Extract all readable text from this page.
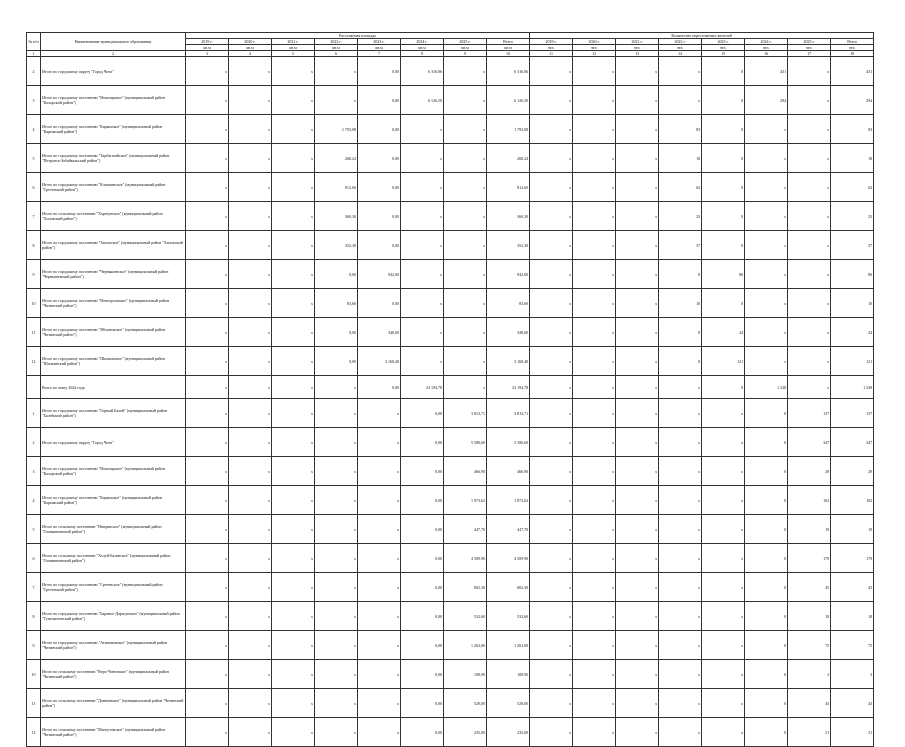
№ п/п	Наименование муниципального образования	Расселяемая площадь								Количество переселяемых жителей							
		2019 г.	2020 г.	2021 г.	2022 г.	2023 г.	2024 г.	2025 г.	Всего	2019 г.	2020 г.	2021 г.	2022 г.	2023 г.	2024 г.	2025 г.	Всего
		кв.м	кв.м	кв.м	кв.м	кв.м	кв.м	кв.м	кв.м	чел.	чел.	чел.	чел.	чел.	чел.	чел.	чел.
1	2	3	4	5	6	7	8	9	10	11	12	13	14	15	16	17	18
2	Итого по городскому округу "Город Чита"	х	х	х	х	0,00	6 316,06	х	6 316,06	х	х	х	х	0	431	х	431
3	Итого по городскому поселению "Новочарское" (муниципальный район "Каларский район")	х	х	х	х	0,00	6 126,50	х	6 126,50	х	х	х	х	0	294	х	294
4	Итого по городскому поселению "Карымское" (муниципальный район "Карымский район")	х	х	х	1 793,08	0,00	х	х	1 793,08	х	х	х	83	0	х	х	83
5	Итого по городскому поселению "Тарбагатайское" (муниципальный район "Петровск-Забайкальский район")	х	х	х	268,24	0,00	х	х	268,24	х	х	х	18	0	х	х	18
6	Итого по городскому поселению "Кличкинское" (муниципальный район "Сретенский район")	х	х	х	812,60	0,00	х	х	812,60	х	х	х	62	0	х	х	62
7	Итого по сельскому поселению "Харагунское" (муниципальный район "Хилокский район")	х	х	х	360,30	0,00	х	х	360,30	х	х	х	25	0	х	х	25
8	Итого по городскому поселению "Хилокское" (муниципальный район "Хилокский район")	х	х	х	352,30	0,00	х	х	352,30	х	х	х	37	0	х	х	37
9	Итого по городскому поселению "Чернышевское" (муниципальный район "Чернышевский район")	х	х	х	0,00	942,00	х	х	942,00	х	х	х	0	86	х	х	86
10	Итого по городскому поселению "Новоорловское" (муниципальный район "Читинский район")	х	х	х	83,60	0,00	х	х	83,60	х	х	х	10	0	х	х	10
11	Итого по городскому поселению "Яблоновское" (муниципальный район "Читинский район")	х	х	х	0,00	348,60	х	х	348,60	х	х	х	0	24	х	х	24
12	Итого по городскому поселению "Шилкинское" (муниципальный район "Шилкинский район")	х	х	х	0,00	3 168,40	х	х	3 168,40	х	х	х	0	121	х	х	121
	Всего по этапу 2024 года	х	х	х	х	0,00	23 194,78	х	23 194,78	х	х	х	х	0	1 238	х	1 238
1	Итого по городскому поселению "Горный Балей" (муниципальный район "Балейский район")	х	х	х	х	х	0,00	3 813,71	3 813,71	х	х	х	х	х	0	137	137
2	Итого по городскому округу "Город Чита"	х	х	х	х	х	0,00	5 586,60	5 586,60	х	х	х	х	х	0	347	347
3	Итого по городскому поселению "Новочарское" (муниципальный район "Каларский район")	х	х	х	х	х	0,00	466,90	466,90	х	х	х	х	х	0	29	29
4	Итого по городскому поселению "Карымское" (муниципальный район "Карымский район")	х	х	х	х	х	0,00	1 873,62	1 873,62	х	х	х	х	х	0	102	102
5	Итого по сельскому поселению "Нивдинское" (муниципальный район "Оловяннинский район")	х	х	х	х	х	0,00	447,70	447,70	х	х	х	х	х	0	19	19
6	Итого по сельскому поселению "Холуй-Базинское" (муниципальный район "Оловяннинский район")	х	х	х	х	х	0,00	4 509,90	4 509,90	х	х	х	х	х	0	179	179
7	Итого по городскому поселению "Сретенское" (муниципальный район "Сретенский район")	х	х	х	х	х	0,00	802,30	802,30	х	х	х	х	х	0	45	45
8	Итого по городскому поселению "Бараньо-Дарасунское" (муниципальный район "Тунгокоченский район")	х	х	х	х	х	0,00	532,60	532,60	х	х	х	х	х	0	18	18
9	Итого по городскому поселению "Атамановское" (муниципальный район "Читинский район")	х	х	х	х	х	0,00	1 263,00	1 263,00	х	х	х	х	х	0	75	75
10	Итого по сельскому поселению "Верх-Читинское" (муниципальный район "Читинский район")	х	х	х	х	х	0,00	108,90	108,90	х	х	х	х	х	0	3	3
11	Итого по сельскому поселению "Домнинское" (муниципальный район "Читинский район")	х	х	х	х	х	0,00	529,00	529,00	х	х	х	х	х	0	43	43
12	Итого по сельскому поселению "Мангутанское" (муниципальный район "Читинский район")	х	х	х	х	х	0,00	235,00	235,00	х	х	х	х	х	0	21	21
